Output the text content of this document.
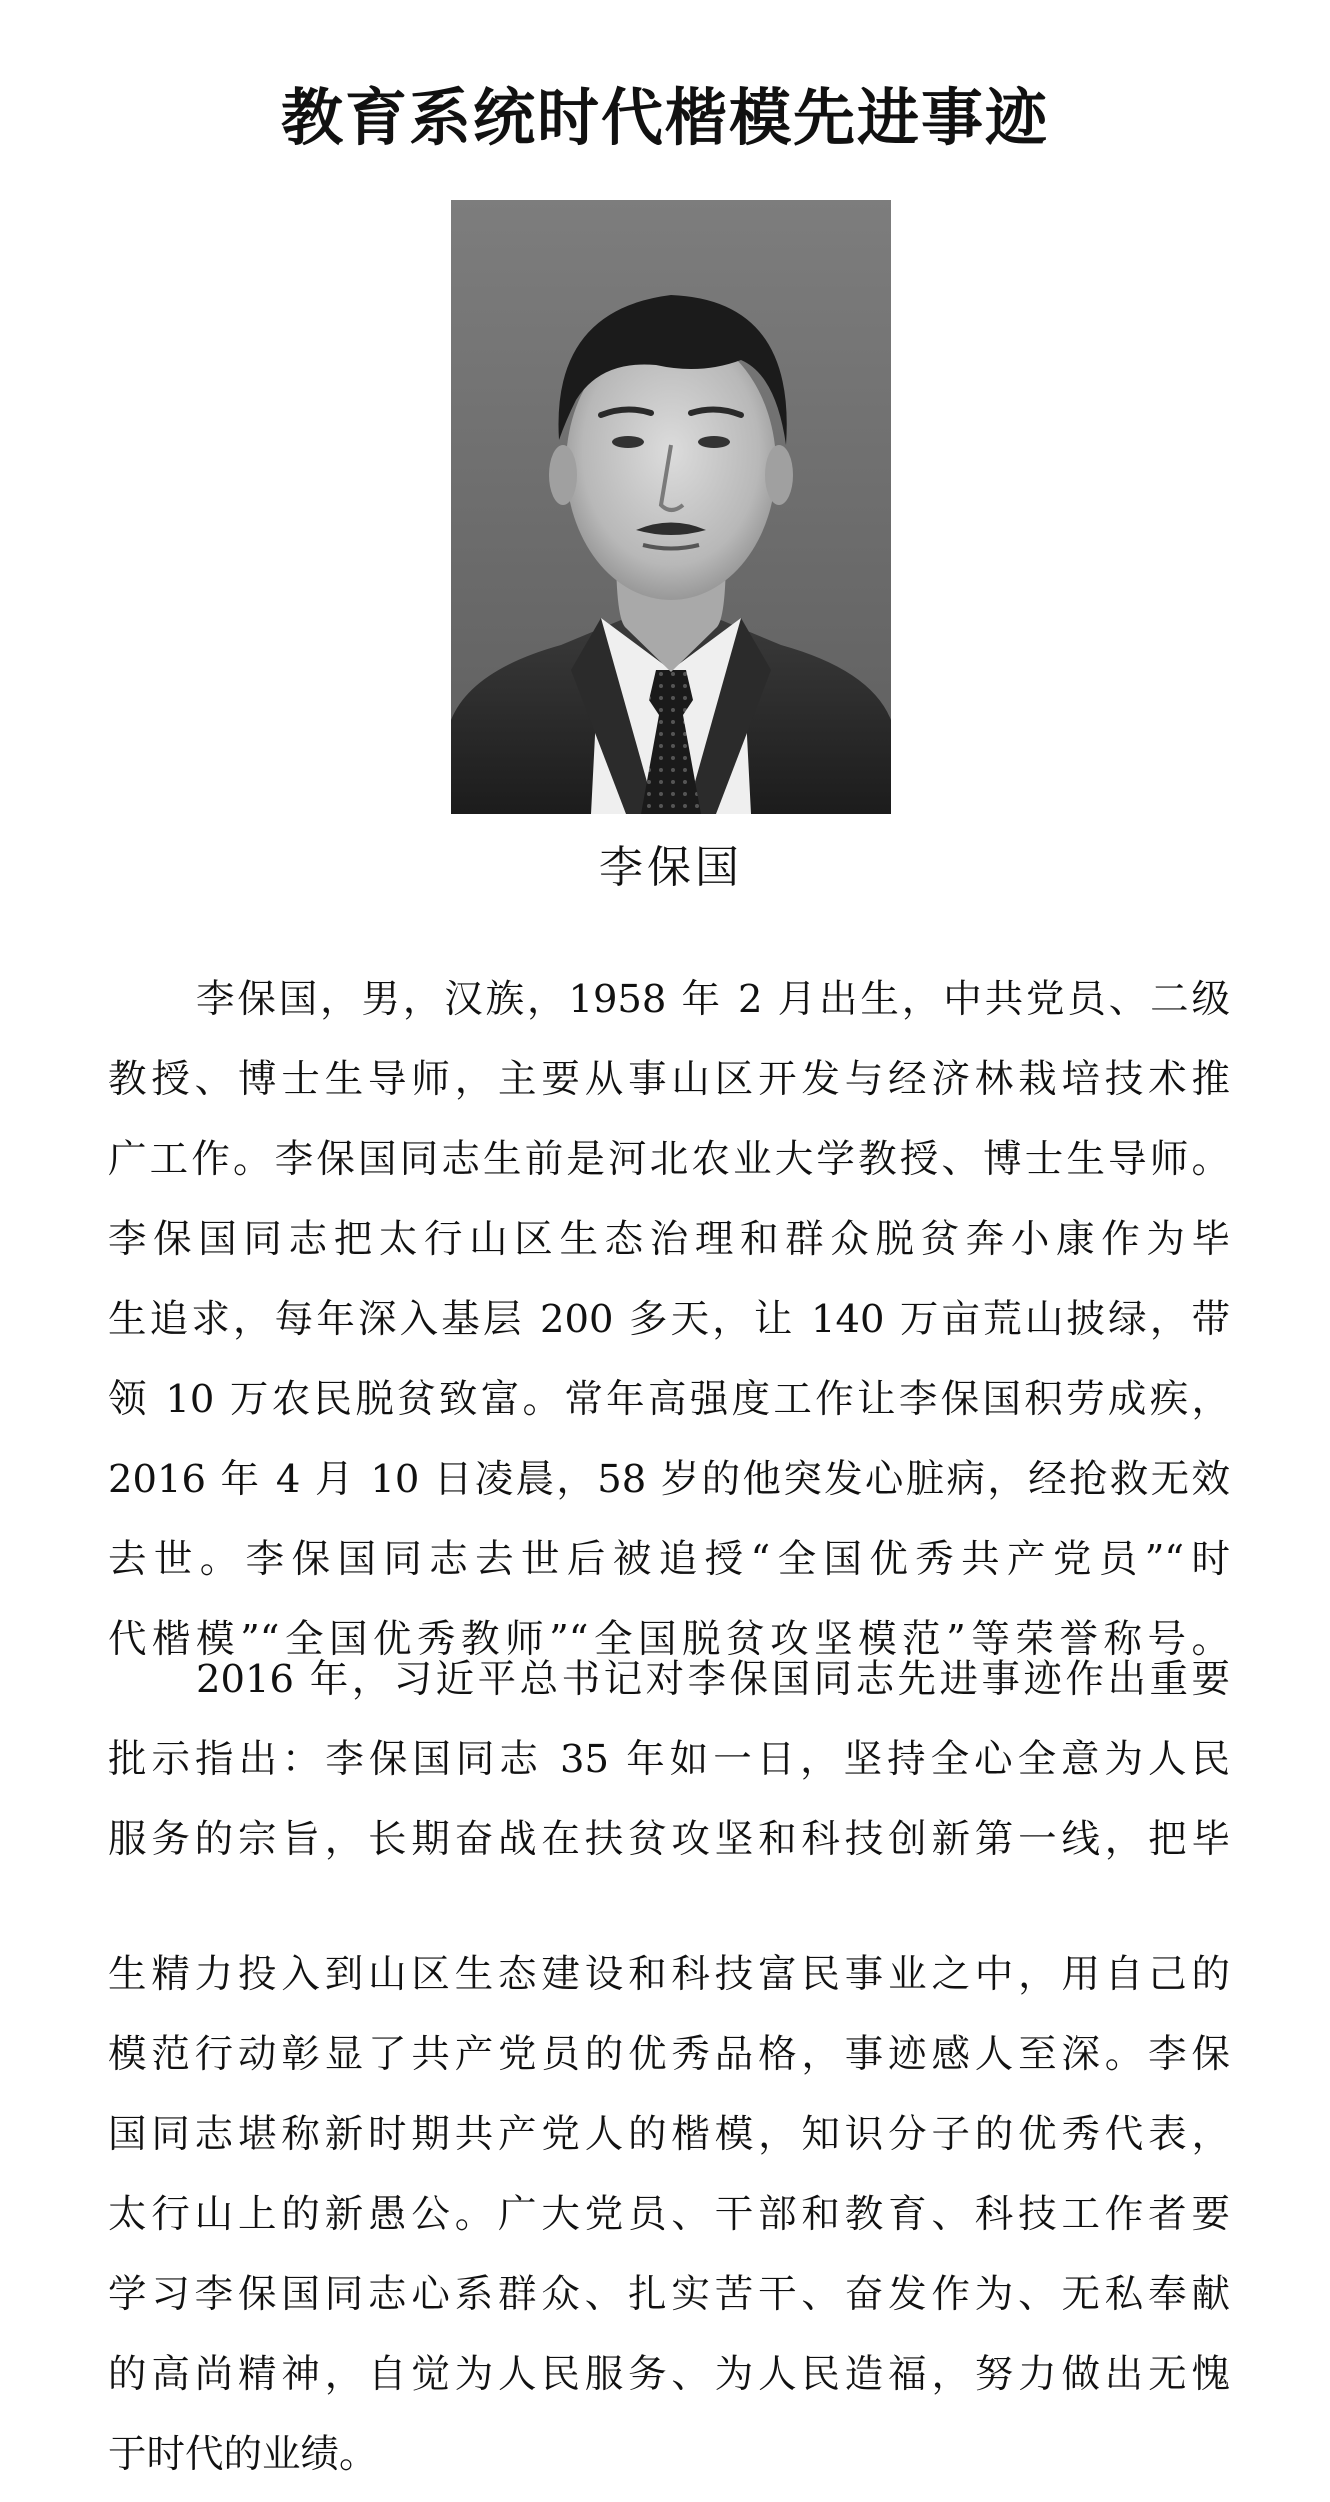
教育系统时代楷模先进事迹

李保国

李保国，男，汉族，1958 年 2 月出生，中共党员、二级
教授、博士生导师，主要从事山区开发与经济林栽培技术推
广工作。李保国同志生前是河北农业大学教授、博士生导师。
李保国同志把太行山区生态治理和群众脱贫奔小康作为毕
生追求，每年深入基层 200 多天，让 140 万亩荒山披绿，带
领 10 万农民脱贫致富。常年高强度工作让李保国积劳成疾，
2016 年 4 月 10 日凌晨，58 岁的他突发心脏病，经抢救无效
去世。李保国同志去世后被追授“全国优秀共产党员”“时
代楷模”“全国优秀教师”“全国脱贫攻坚模范”等荣誉称号。
2016 年，习近平总书记对李保国同志先进事迹作出重要
批示指出：李保国同志 35 年如一日，坚持全心全意为人民
服务的宗旨，长期奋战在扶贫攻坚和科技创新第一线，把毕
生精力投入到山区生态建设和科技富民事业之中，用自己的
模范行动彰显了共产党员的优秀品格，事迹感人至深。李保
国同志堪称新时期共产党人的楷模，知识分子的优秀代表，
太行山上的新愚公。广大党员、干部和教育、科技工作者要
学习李保国同志心系群众、扎实苦干、奋发作为、无私奉献
的高尚精神，自觉为人民服务、为人民造福，努力做出无愧
于时代的业绩。
